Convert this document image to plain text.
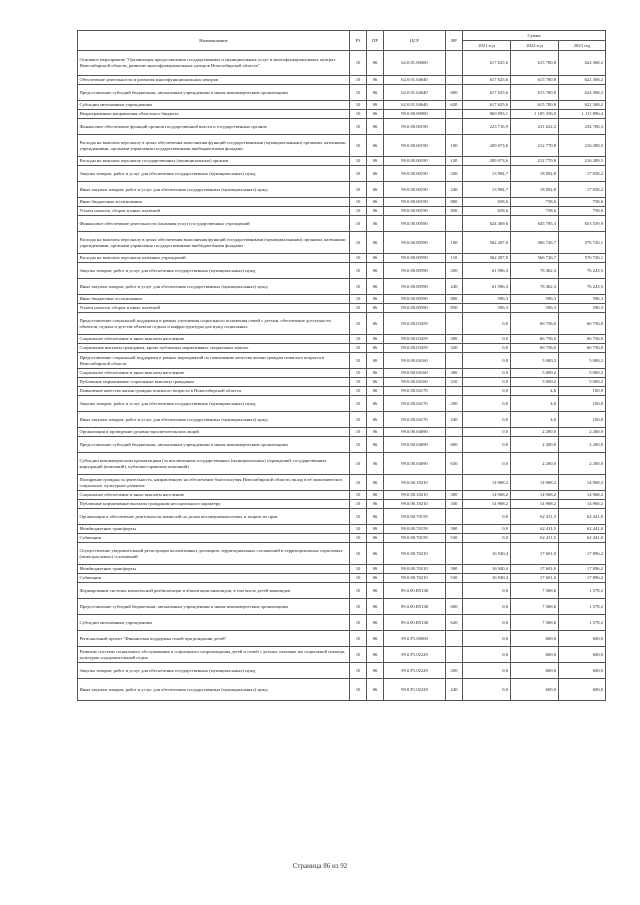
Наименование	РЗ	ПР	ЦСР	ВР	Сумма		
					2021 год	2022 год	2023 год
Основное мероприятие "Организация предоставления государственных и муниципальных услуг в многофункциональных центрах Новосибирской области, развитие многофункциональных центров Новосибирской области"	10	06	62.0.01.00000		617 625,6	615 780,8	622 368,2
Обеспечение деятельности и развития многофункциональных центров	10	06	62.0.01.04640		617 625,6	615 780,8	622 368,2
Предоставление субсидий бюджетным, автономным учреждениям и иным некоммерческим организациям	10	06	62.0.01.04640	600	617 625,6	615 780,8	622 368,2
Субсидии автономным учреждениям	10	06	62.0.01.04640	620	617 625,6	615 780,8	622 368,2
Непрограммные направления областного бюджета	10	06	99.0.00.00000		860 095,1	1 105 356,0	1 111 896,4
Финансовое обеспечение функций органов государственной власти и государственных органов	10	06	99.0.00.00190		223 716,9	231 622,2	234 706,3
Расходы на выплаты персоналу в целях обеспечения выполнения функций государственными (муниципальными) органами, казенными учреждениями, органами управления государственными внебюджетными фондами	10	06	99.0.00.00190	100	209 073,6	212 770,8	216 289,5
Расходы на выплаты персоналу государственных (муниципальных) органов	10	06	99.0.00.00190	120	209 073,6	212 770,8	216 289,5
Закупка товаров, работ и услуг для обеспечения государственных (муниципальных) нужд	10	06	99.0.00.00190	200	13 984,7	18 092,8	17 658,2
Иные закупки товаров, работ и услуг для обеспечения государственных (муниципальных) нужд	10	06	99.0.00.00190	240	13 984,7	18 092,8	17 658,2
Иные бюджетные ассигнования	10	06	99.0.00.00190	800	658,6	758,6	758,6
Уплата налогов, сборов и иных платежей	10	06	99.0.00.00190	850	658,6	758,6	758,6
Финансовое обеспечение деятельности (оказания услуг) государственных учреждений	10	06	99.0.00.00590		624 469,6	645 785,3	653 559,9
Расходы на выплаты персоналу в целях обеспечения выполнения функций государственными (муниципальными) органами, казенными учреждениями, органами управления государственными внебюджетными фондами	10	06	99.0.00.00590	100	562 287,0	566 726,7	576 720,1
Расходы на выплаты персоналу казенных учреждений	10	06	99.0.00.00590	110	562 287,0	566 726,7	576 720,1
Закупка товаров, работ и услуг для обеспечения государственных (муниципальных) нужд	10	06	99.0.00.00590	200	61 586,3	78 462,3	76 243,5
Иные закупки товаров, работ и услуг для обеспечения государственных (муниципальных) нужд	10	06	99.0.00.00590	240	61 586,3	78 462,3	76 243,5
Иные бюджетные ассигнования	10	06	99.0.00.00590	800	596,3	596,3	596,3
Уплата налогов, сборов и иных платежей	10	06	99.0.00.00590	850	596,3	596,3	596,3
Предоставление социальной поддержки в рамках улучшения социального положения семей с детьми, обеспечение доступности объектов, отдыха и детства объектов отдыха и инфраструктуры для нужд социальных	10	06	99.0.00.03459		0,0	66 756,0	66 756,0
Социальное обеспечение и иные выплаты населению	10	06	99.0.00.03459	300	0,0	66 756,0	66 756,0
Социальные выплаты гражданам, кроме публичных нормативных социальных выплат	10	06	99.0.00.03459	320	0,0	66 756,0	66 756,0
Предоставление социальной поддержки в рамках мероприятий по повышению качества жизни граждан пожилого возраста в Новосибирской области	10	06	99.0.00.04160		0,0	5 000,2	5 000,2
Социальное обеспечение и иные выплаты населению	10	06	99.0.00.04160	300	0,0	5 000,2	5 000,2
Публичные нормативные социальные выплаты гражданам	10	06	99.0.00.04160	310	0,0	5 000,2	5 000,2
Повышение качества жизни граждан пожилого возраста в Новосибирской области	10	06	99.0.00.04170		0,0	4,6	100,0
Закупка товаров, работ и услуг для обеспечения государственных (муниципальных) нужд	10	06	99.0.00.04170	200	0,0	4,6	100,0
Иные закупки товаров, работ и услуг для обеспечения государственных (муниципальных) нужд	10	06	99.0.00.04170	240	0,0	4,6	100,0
Организация и проведение духовно-просветительских акций	10	06	99.0.00.04690		0,0	2 200,0	2 200,0
Предоставление субсидий бюджетным, автономным учреждениям и иным некоммерческим организациям	10	06	99.0.00.04690	600	0,0	2 200,0	2 200,0
Субсидии некоммерческим организациям (за исключением государственных (муниципальных) учреждений, государственных корпораций (компаний), публично-правовых компаний)	10	06	99.0.00.04690	630	0,0	2 200,0	2 200,0
Поощрение граждан за деятельность, направленную на обеспечение благополучия Новосибирской области, вклад в её экономическое, социальное, культурное развитие	10	06	99.0.00.18210		14 968,2	14 968,2	14 968,2
Социальное обеспечение и иные выплаты населению	10	06	99.0.00.18210	300	14 968,2	14 968,2	14 968,2
Публичные нормативные выплаты гражданам несоциального характера	10	06	99.0.00.18210	330	14 968,2	14 968,2	14 968,2
Организация и обеспечение деятельности комиссий по делам несовершеннолетних и защите их прав	10	06	99.0.00.70159		0,0	62 411,5	62 441,0
Межбюджетные трансферты	10	06	99.0.00.70159	500	0,0	62 411,5	62 441,0
Субвенции	10	06	99.0.00.70159	530	0,0	62 411,5	62 441,0
Осуществление уведомительной регистрации коллективных договоров, территориальных соглашений и территориальных отраслевых (межотраслевых) соглашений	10	06	99.0.00.70210		16 940,4	17 601,0	17 896,2
Межбюджетные трансферты	10	06	99.0.00.70210	500	16 940,4	17 601,0	17 896,2
Субвенции	10	06	99.0.00.70210	530	16 940,4	17 601,0	17 896,2
Формирование системы комплексной реабилитации и абилитации инвалидов, в том числе детей-инвалидов	10	06	99.0.00.R5140		0,0	7 366,6	1 578,2
Предоставление субсидий бюджетным, автономным учреждениям и иным некоммерческим организациям	10	06	99.0.00.R5140	600	0,0	7 366,6	1 578,2
Субсидии автономным учреждениям	10	06	99.0.00.R5140	620	0,0	7 366,6	1 578,2
Региональный проект "Финансовая поддержка семей при рождении детей"	10	06	99.0.P1.00000		0,0	600,0	600,0
Развитие системы социального обслуживания и социального сопровождения детей и семей с детьми, оказание им социальной помощи, культурно-оздоровительный отдых	10	06	99.0.P1.02229		0,0	600,0	600,0
Закупка товаров, работ и услуг для обеспечения государственных (муниципальных) нужд	10	06	99.0.P1.02229	200	0,0	600,0	600,0
Иные закупки товаров, работ и услуг для обеспечения государственных (муниципальных) нужд	10	06	99.0.P1.02229	240	0,0	600,0	600,0
Страница 86 из 92
